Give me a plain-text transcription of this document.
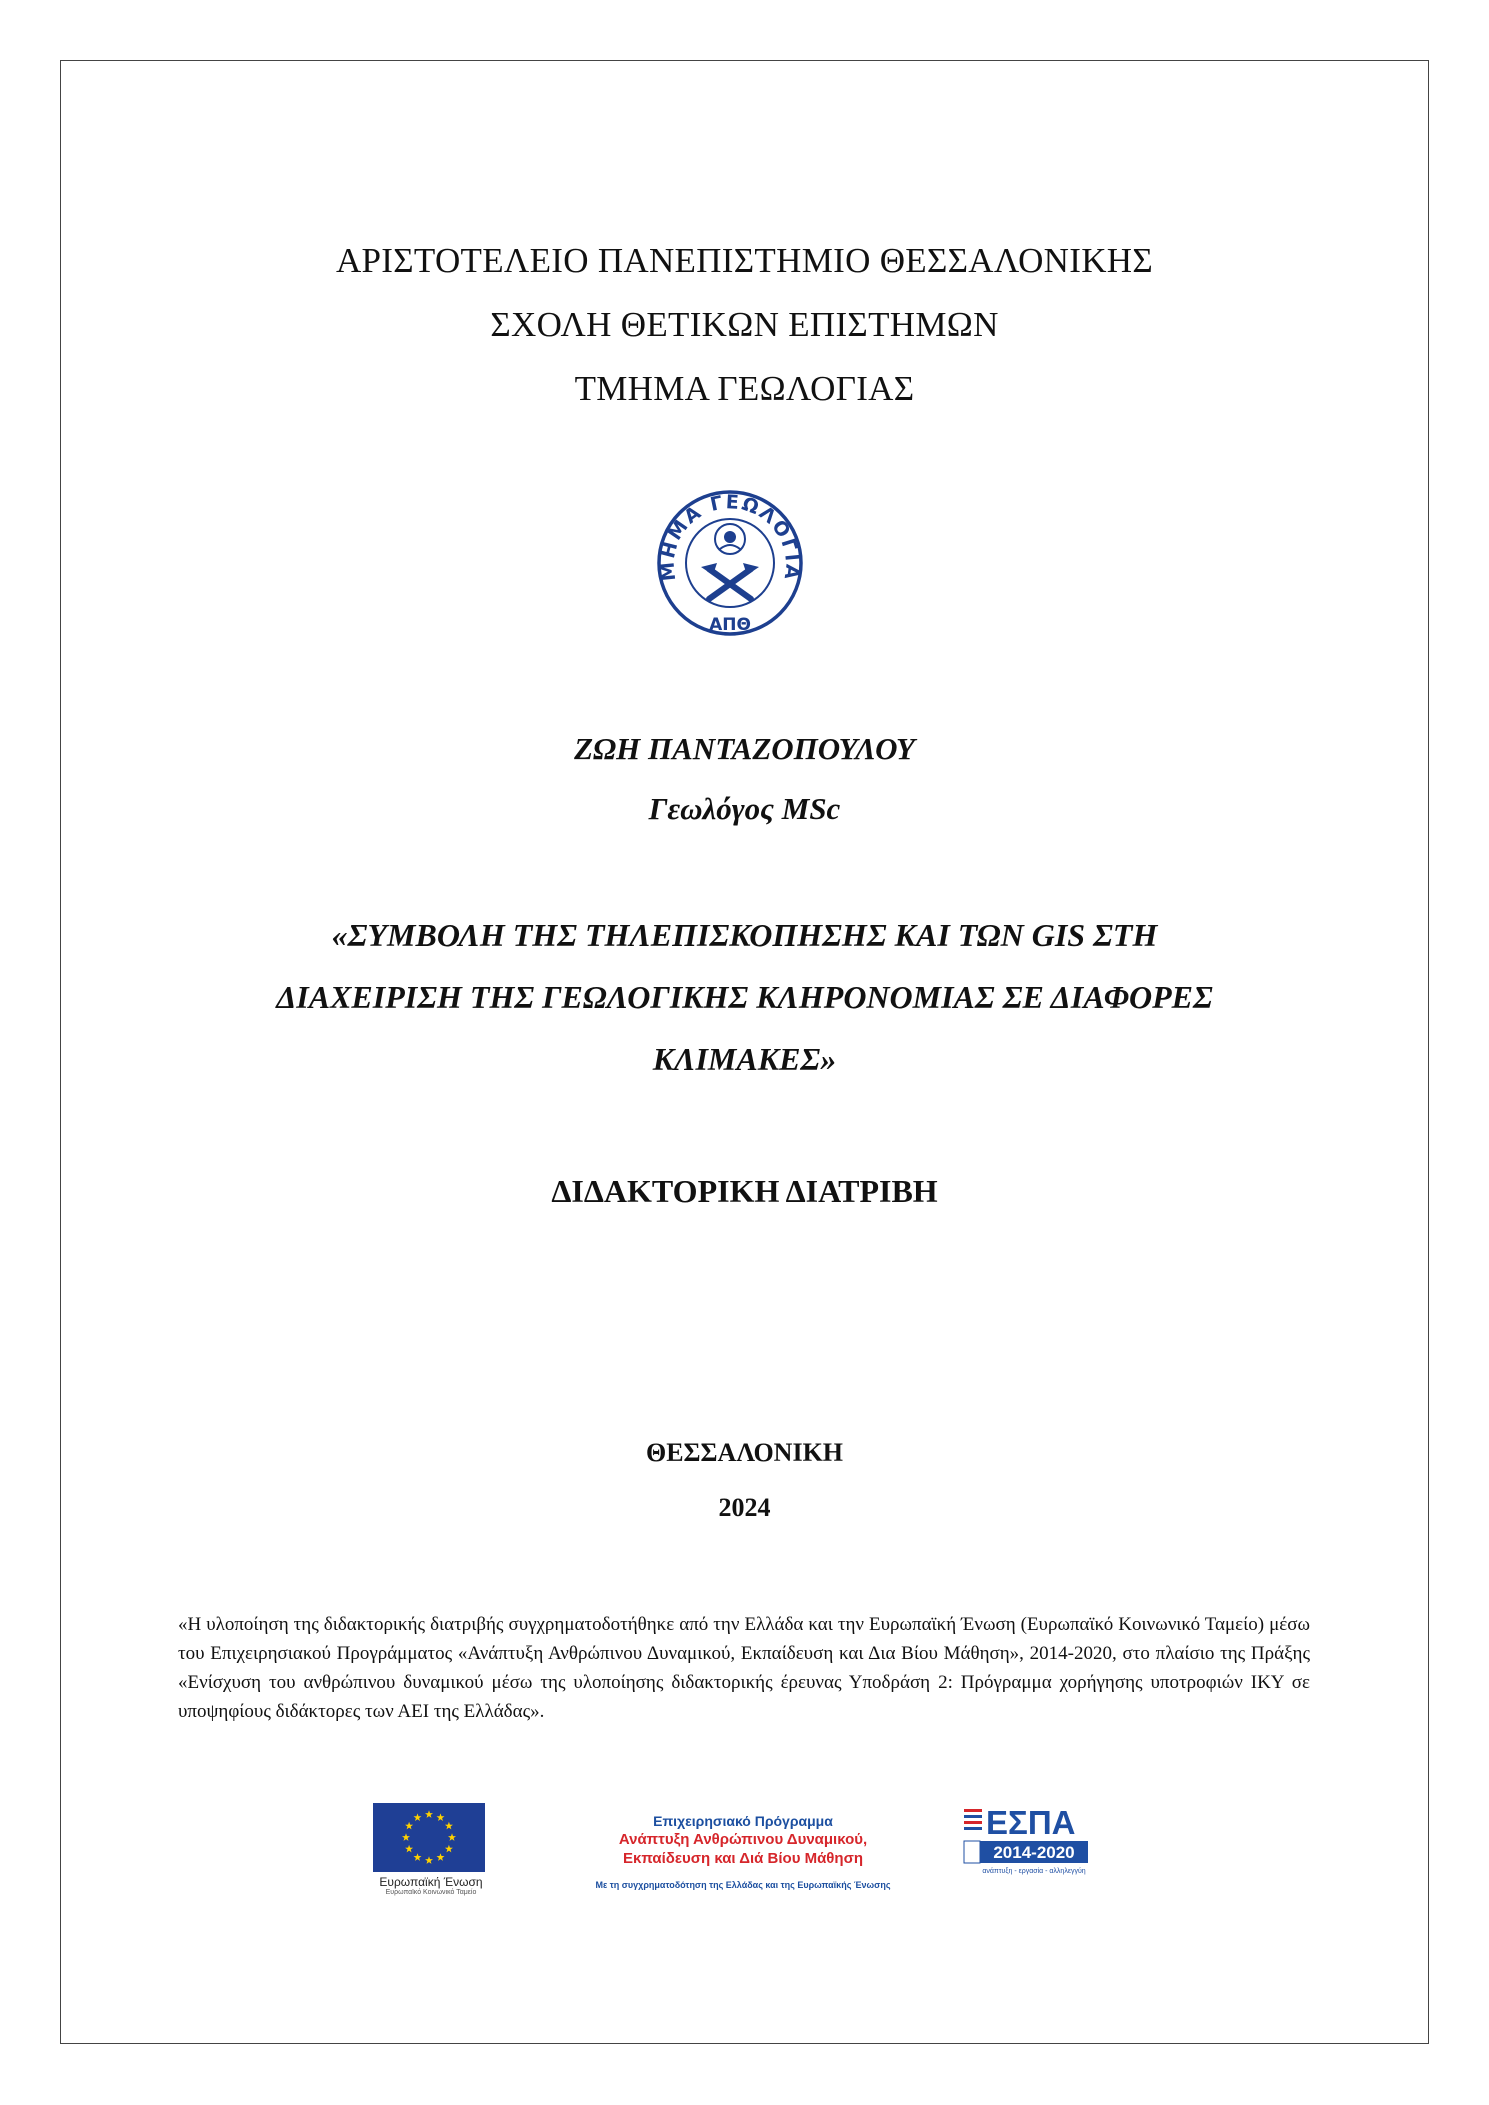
ΑΡΙΣΤΟΤΕΛΕΙΟ ΠΑΝΕΠΙΣΤΗΜΙΟ ΘΕΣΣΑΛΟΝΙΚΗΣ
ΣΧΟΛΗ ΘΕΤΙΚΩΝ ΕΠΙΣΤΗΜΩΝ
ΤΜΗΜΑ ΓΕΩΛΟΓΙΑΣ
ΜΗΜΑ ΓΕΩΛΟΓΙΑ
ΑΠΘ
ΖΩΗ ΠΑΝΤΑΖΟΠΟΥΛΟΥ
Γεωλόγος MSc
«ΣΥΜΒΟΛΗ ΤΗΣ ΤΗΛΕΠΙΣΚΟΠΗΣΗΣ ΚΑΙ ΤΩΝ GIS ΣΤΗ
ΔΙΑΧΕΙΡΙΣΗ ΤΗΣ ΓΕΩΛΟΓΙΚΗΣ ΚΛΗΡΟΝΟΜΙΑΣ ΣΕ ΔΙΑΦΟΡΕΣ
ΚΛΙΜΑΚΕΣ»
ΔΙΔΑΚΤΟΡΙΚΗ ΔΙΑΤΡΙΒΗ
ΘΕΣΣΑΛΟΝΙΚΗ
2024
«Η υλοποίηση της διδακτορικής διατριβής συγχρηματοδοτήθηκε από την Ελλάδα και την Ευρωπαϊκή Ένωση (Ευρωπαϊκό Κοινωνικό Ταμείο) μέσω του Επιχειρησιακού Προγράμματος «Ανάπτυξη Ανθρώπινου Δυναμικού, Εκπαίδευση και Δια Βίου Μάθηση», 2014-2020, στο πλαίσιο της Πράξης «Ενίσχυση του ανθρώπινου δυναμικού μέσω της υλοποίησης διδακτορικής έρευνας Υποδράση 2: Πρόγραμμα χορήγησης υποτροφιών ΙΚΥ σε υποψηφίους διδάκτορες των ΑΕΙ της Ελλάδας».
Ευρωπαϊκή Ένωση
Ευρωπαϊκό Κοινωνικό Ταμείο
Επιχειρησιακό Πρόγραμμα
Ανάπτυξη Ανθρώπινου Δυναμικού,
Εκπαίδευση και Διά Βίου Μάθηση
Με τη συγχρηματοδότηση της Ελλάδας και της Ευρωπαϊκής Ένωσης
ΕΣΠΑ
2014-2020
ανάπτυξη - εργασία - αλληλεγγύη
